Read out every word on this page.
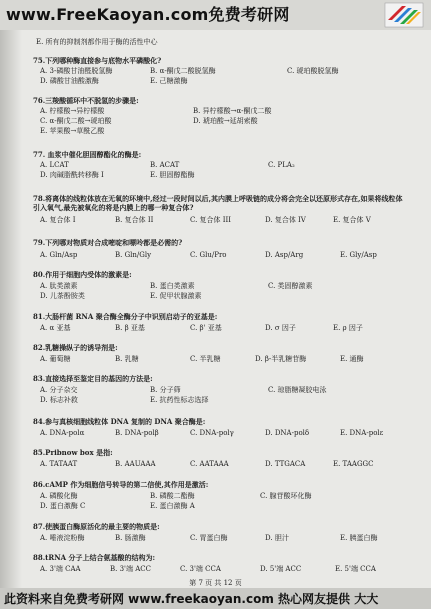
www.FreeKaoyan.com免费考研网
E. 所有的抑制剂都作用于酶的活性中心
75.下列哪种酶直接参与底物水平磷酸化?
A. 3-磷酸甘油醛脱氢酶	B. α-酮戊二酸脱氢酶	C. 琥珀酸脱氢酶
D. 磷酸甘油酸激酶	E. 己糖激酶
76.三羧酸循环中不脱氢的步骤是:
A. 柠檬酸→异柠檬酸	B. 异柠檬酸→α-酮戊二酸
C. α-酮戊二酸→琥珀酸	D. 琥珀酸→延胡索酸
E. 苹果酸→草酰乙酸
77. 血浆中催化胆固醇酯化的酶是:
A. LCAT	B. ACAT	C. PLA₂
D. 肉碱脂酰转移酶 I	E. 胆固醇酯酶
78.将离体的线粒体放在无氧的环境中,经过一段时间以后,其内膜上呼吸链的成分将会完全以还原形式存在,如果将线粒体引入氧气,最先被氧化的将是内膜上的哪一种复合体?
A. 复合体 I	B. 复合体 II	C. 复合体 III	D. 复合体 IV	E. 复合体 V
79.下列哪对物质对合成嘧啶和嘌呤都是必需的?
A. Gln/Asp	B. Gln/Gly	C. Glu/Pro	D. Asp/Arg	E. Gly/Asp
80.作用于细胞内受体的激素是:
A. 肽类激素	B. 蛋白类激素	C. 类固醇激素
D. 儿茶酚胺类	E. 促甲状腺激素
81.大肠杆菌 RNA 聚合酶全酶分子中识别启动子的亚基是:
A. α 亚基	B. β 亚基	C. β' 亚基	D. σ 因子	E. ρ 因子
82.乳糖操纵子的诱导剂是:
A. 葡萄糖	B. 乳糖	C. 半乳糖	D. β-半乳糖苷酶	E. 通酶
83.直接选择至鉴定目的基因的方法是:
A. 分子杂交	B. 分子筛	C. 琼脂糖凝胶电泳
D. 标志补救	E. 抗药性标志选择
84.参与真核细胞线粒体 DNA 复制的 DNA 聚合酶是:
A. DNA-polα	B. DNA-polβ	C. DNA-polγ	D. DNA-polδ	E. DNA-polε
85.Pribnow box 是指:
A. TATAAT	B. AAUAAA	C. AATAAA	D. TTGACA	E. TAAGGC
86.cAMP 作为细胞信号转导的第二信使,其作用是激活:
A. 磷酸化酶	B. 磷酸二酯酶	C. 腺苷酸环化酶
D. 蛋白激酶 C	E. 蛋白激酶 A
87.使胰蛋白酶原活化的最主要的物质是:
A. 唾液淀粉酶	B. 肠激酶	C. 胃蛋白酶	D. 胆汁	E. 胰蛋白酶
88.tRNA 分子上结合氨基酸的结构为:
A. 3'端 CAA	B. 3'端 ACC	C. 3'端 CCA	D. 5'端 ACC	E. 5'端 CCA
第 7 页 共 12 页
此资料来自免费考研网 www.freekaoyan.com 热心网友提供 大大
